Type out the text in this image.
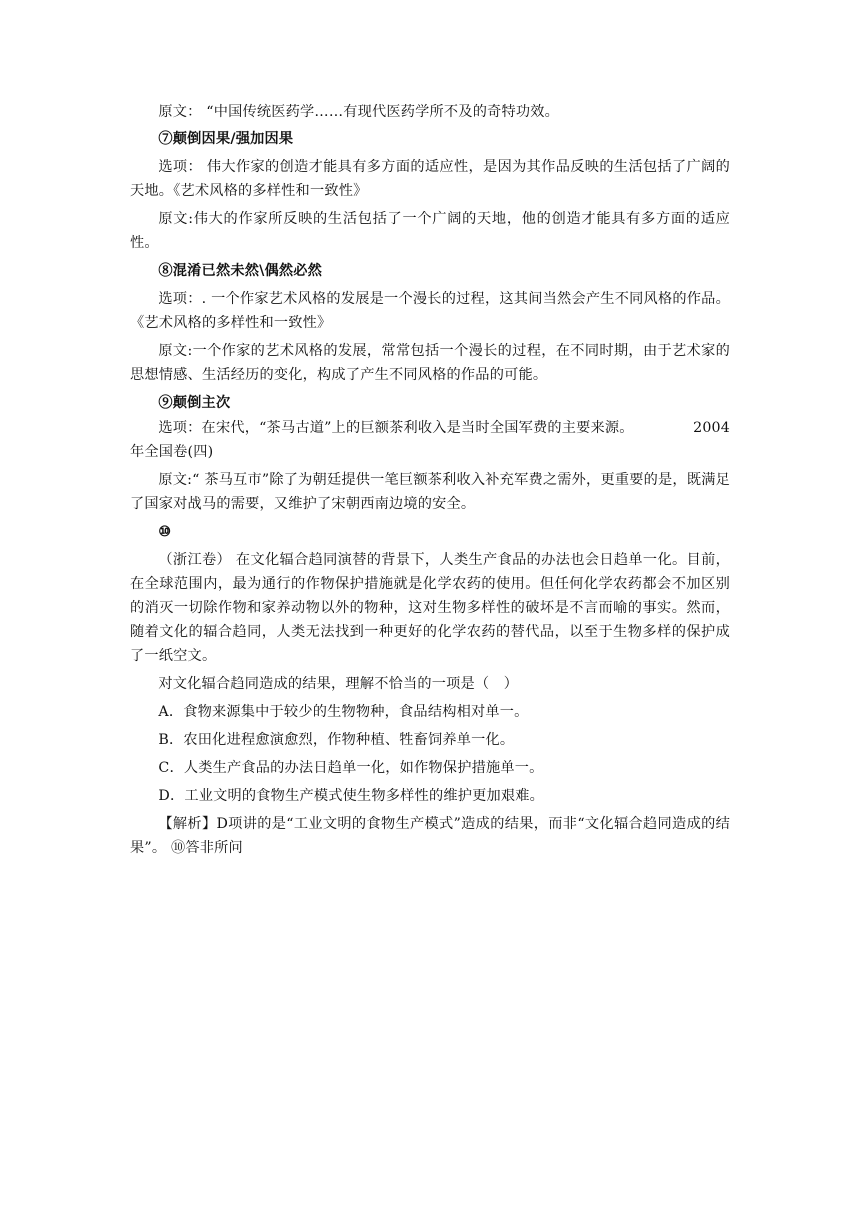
原文： “中国传统医药学……有现代医药学所不及的奇特功效。

⑦颠倒因果/强加因果

选项： 伟大作家的创造才能具有多方面的适应性，是因为其作品反映的生活包括了广阔的天地。《艺术风格的多样性和一致性》

原文:伟大的作家所反映的生活包括了一个广阔的天地，他的创造才能具有多方面的适应性。

⑧混淆已然未然\偶然必然

选项：. 一个作家艺术风格的发展是一个漫长的过程，这其间当然会产生不同风格的作品。 《艺术风格的多样性和一致性》

原文:一个作家的艺术风格的发展，常常包括一个漫长的过程，在不同时期，由于艺术家的思想情感、生活经历的变化，构成了产生不同风格的作品的可能。

⑨颠倒主次

选项：在宋代，“茶马古道”上的巨额茶利收入是当时全国军费的主要来源。	2004

年全国卷(四)

原文:“ 茶马互市”除了为朝廷提供一笔巨额茶利收入补充军费之需外，更重要的是，既满足了国家对战马的需要，又维护了宋朝西南边境的安全。

⑩

（浙江卷） 在文化辐合趋同演替的背景下，人类生产食品的办法也会日趋单一化。目前，在全球范围内，最为通行的作物保护措施就是化学农药的使用。但任何化学农药都会不加区别的消灭一切除作物和家养动物以外的物种，这对生物多样性的破坏是不言而喻的事实。然而，随着文化的辐合趋同，人类无法找到一种更好的化学农药的替代品，以至于生物多样的保护成了一纸空文。

对文化辐合趋同造成的结果，理解不恰当的一项是（　）

A．食物来源集中于较少的生物物种，食品结构相对单一。

B．农田化进程愈演愈烈，作物种植、牲畜饲养单一化。

C．人类生产食品的办法日趋单一化，如作物保护措施单一。

D．工业文明的食物生产模式使生物多样性的维护更加艰难。

【解析】D项讲的是“工业文明的食物生产模式”造成的结果，而非“文化辐合趋同造成的结果”。 ⑩答非所问
